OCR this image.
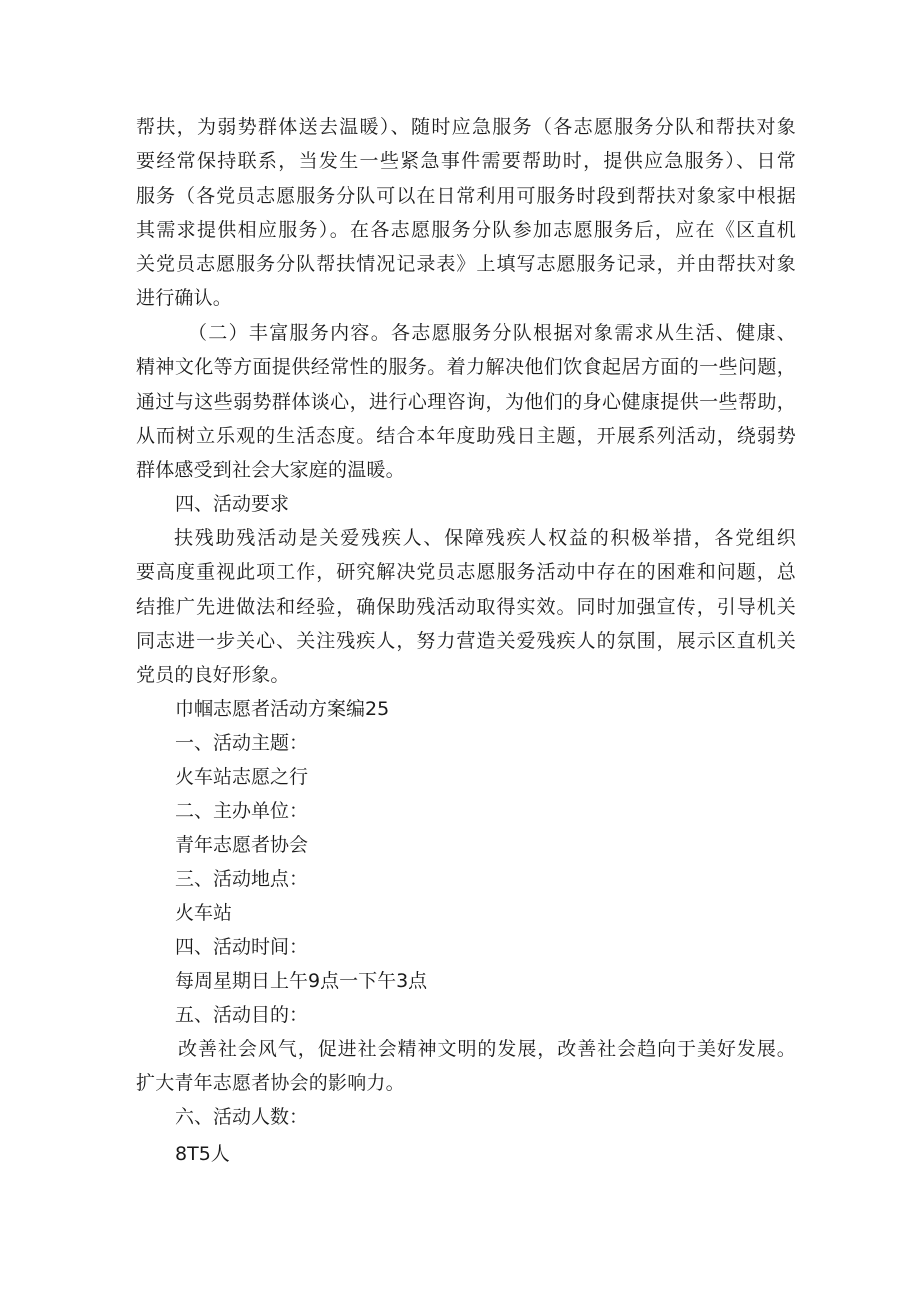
帮扶，为弱势群体送去温暖）、随时应急服务（各志愿服务分队和帮扶对象
要经常保持联系，当发生一些紧急事件需要帮助时，提供应急服务）、日常
服务（各党员志愿服务分队可以在日常利用可服务时段到帮扶对象家中根据
其需求提供相应服务）。在各志愿服务分队参加志愿服务后，应在《区直机
关党员志愿服务分队帮扶情况记录表》上填写志愿服务记录，并由帮扶对象
进行确认。

（二）丰富服务内容。各志愿服务分队根据对象需求从生活、健康、
精神文化等方面提供经常性的服务。着力解决他们饮食起居方面的一些问题，
通过与这些弱势群体谈心，进行心理咨询，为他们的身心健康提供一些帮助，
从而树立乐观的生活态度。结合本年度助残日主题，开展系列活动，绕弱势
群体感受到社会大家庭的温暖。

四、活动要求

扶残助残活动是关爱残疾人、保障残疾人权益的积极举措，各党组织
要高度重视此项工作，研究解决党员志愿服务活动中存在的困难和问题，总
结推广先进做法和经验，确保助残活动取得实效。同时加强宣传，引导机关
同志进一步关心、关注残疾人，努力营造关爱残疾人的氛围，展示区直机关
党员的良好形象。

巾帼志愿者活动方案编25
一、活动主题：
火车站志愿之行
二、主办单位：
青年志愿者协会
三、活动地点：
火车站
四、活动时间：
每周星期日上午9点一下午3点
五、活动目的：

改善社会风气，促进社会精神文明的发展，改善社会趋向于美好发展。
扩大青年志愿者协会的影响力。

六、活动人数：
8T5人
